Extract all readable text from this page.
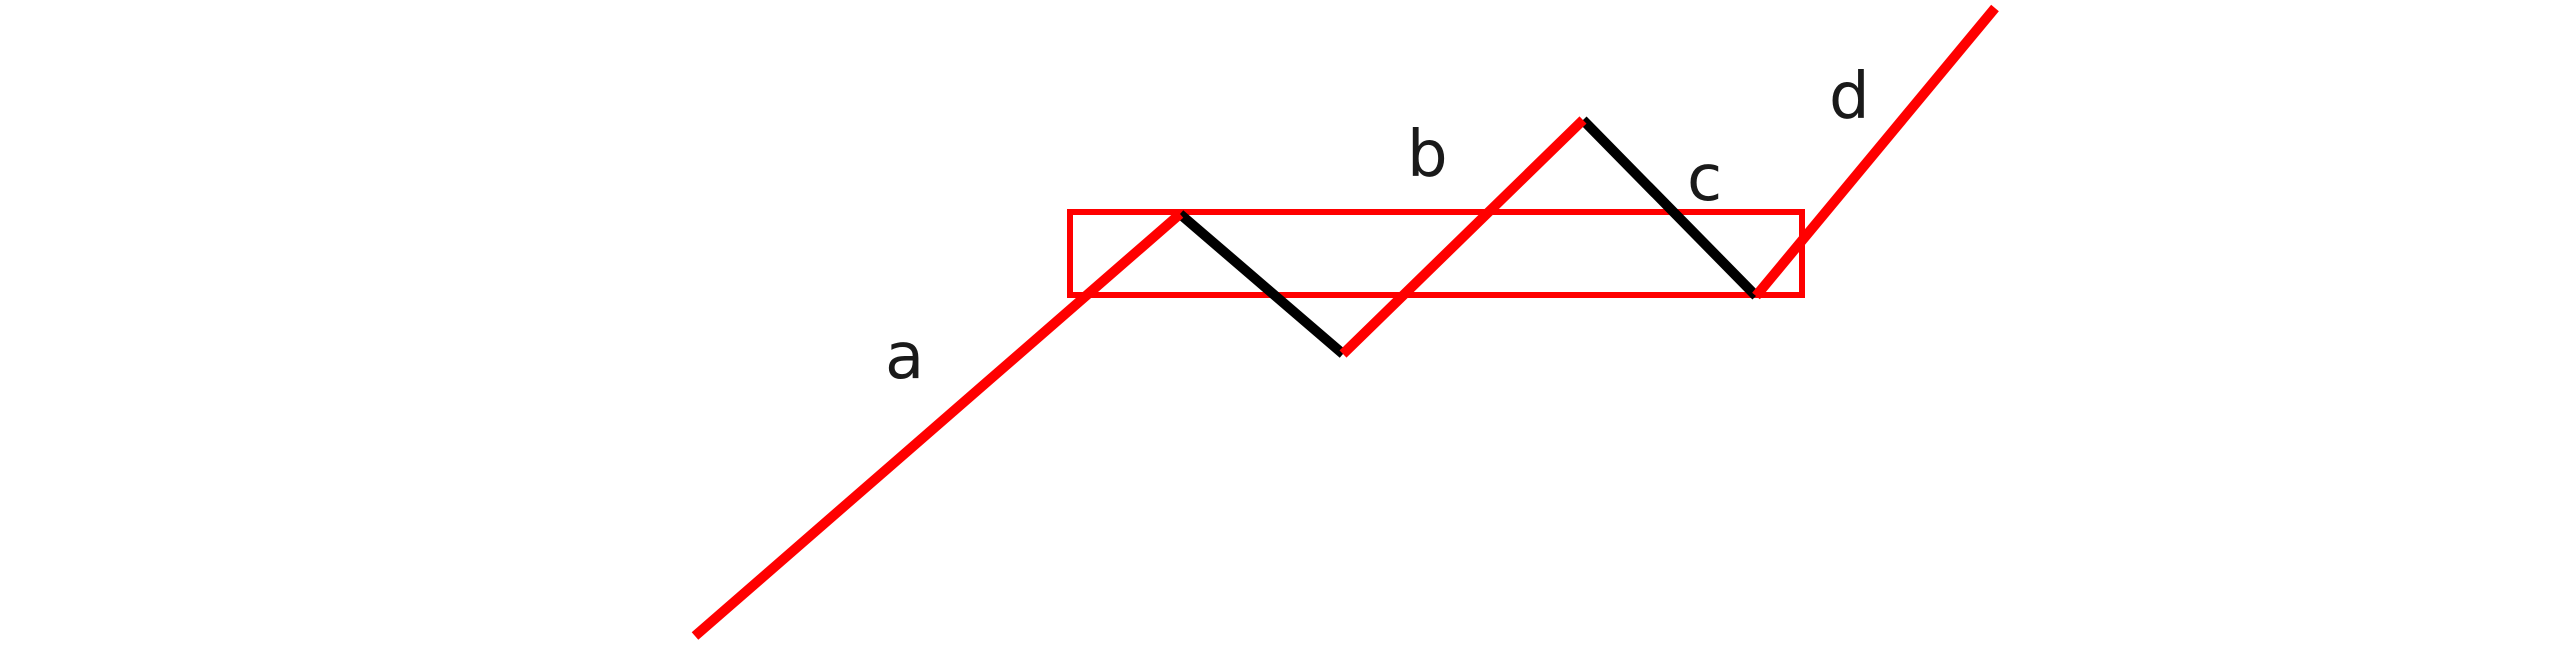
a
b	c
d
